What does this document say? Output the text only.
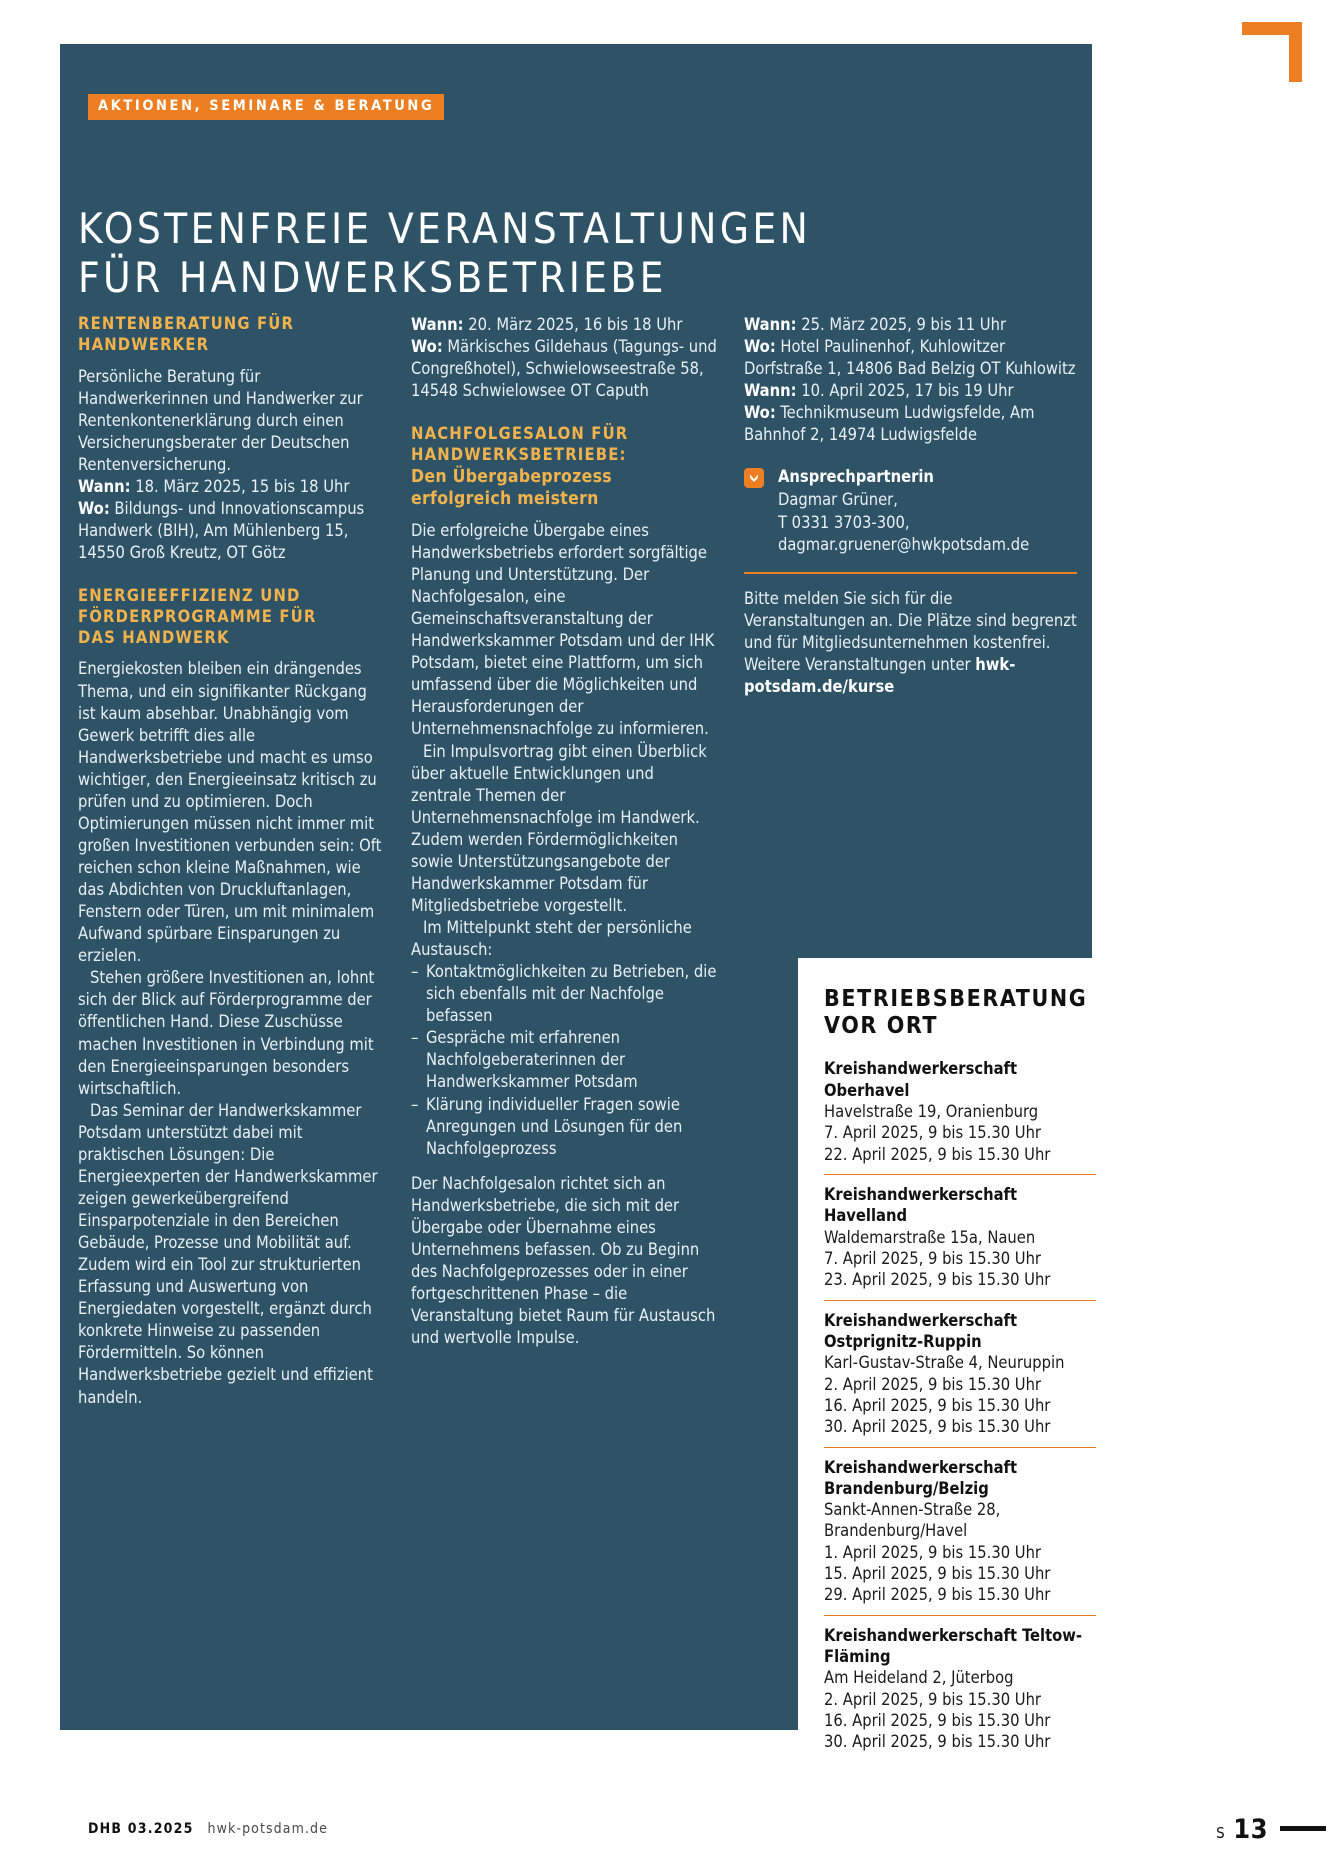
AKTIONEN, SEMINARE & BERATUNG
KOSTENFREIE VERANSTALTUNGEN
FÜR HANDWERKSBETRIEBE
RENTENBERATUNG FÜR
HANDWERKER

Persönliche Beratung für Handwerkerinnen und Handwerker zur Rentenkontenerklärung durch einen Versicherungsberater der Deutschen Rentenversicherung.

Wann: 18. März 2025, 15 bis 18 Uhr
Wo: Bildungs- und Innovationscampus Handwerk (BIH), Am Mühlenberg 15, 14550 Groß Kreutz, OT Götz
ENERGIEEFFIZIENZ UND
FÖRDERPROGRAMME FÜR
DAS HANDWERK

Energiekosten bleiben ein drängendes Thema, und ein signifikanter Rückgang ist kaum absehbar. Unabhängig vom Gewerk betrifft dies alle Handwerksbetriebe und macht es umso wichtiger, den Energieeinsatz kritisch zu prüfen und zu optimieren. Doch Optimierungen müssen nicht immer mit großen Investitionen verbunden sein: Oft reichen schon kleine Maßnahmen, wie das Abdichten von Druckluftanlagen, Fenstern oder Türen, um mit minimalem Aufwand spürbare Einsparungen zu erzielen.

Stehen größere Investitionen an, lohnt sich der Blick auf Förderprogramme der öffentlichen Hand. Diese Zuschüsse machen Investitionen in Verbindung mit den Energieeinsparungen besonders wirtschaftlich.

Das Seminar der Handwerkskammer Potsdam unterstützt dabei mit praktischen Lösungen: Die Energieexperten der Handwerkskammer zeigen gewerkeübergreifend Einsparpotenziale in den Bereichen Gebäude, Prozesse und Mobilität auf. Zudem wird ein Tool zur strukturierten Erfassung und Auswertung von Energiedaten vorgestellt, ergänzt durch konkrete Hinweise zu passenden Fördermitteln. So können Handwerksbetriebe gezielt und effizient handeln.

Wann: 20. März 2025, 16 bis 18 Uhr
Wo: Märkisches Gildehaus (Tagungs- und Congreßhotel), Schwielowseestraße 58, 14548 Schwielowsee OT Caputh
NACHFOLGESALON FÜR
HANDWERKSBETRIEBE:
Den Übergabeprozess
erfolgreich meistern

Die erfolgreiche Übergabe eines Handwerksbetriebs erfordert sorgfältige Planung und Unterstützung. Der Nachfolgesalon, eine Gemeinschaftsveranstaltung der Handwerkskammer Potsdam und der IHK Potsdam, bietet eine Plattform, um sich umfassend über die Möglichkeiten und Herausforderungen der Unternehmensnachfolge zu informieren.

Ein Impulsvortrag gibt einen Überblick über aktuelle Entwicklungen und zentrale Themen der Unternehmensnachfolge im Handwerk. Zudem werden Fördermöglichkeiten sowie Unterstützungsangebote der Handwerkskammer Potsdam für Mitgliedsbetriebe vorgestellt.

Im Mittelpunkt steht der persönliche Austausch:

– Kontaktmöglichkeiten zu Betrieben, die sich ebenfalls mit der Nachfolge befassen
– Gespräche mit erfahrenen Nachfolgeberaterinnen der Handwerkskammer Potsdam
– Klärung individueller Fragen sowie Anregungen und Lösungen für den Nachfolgeprozess

Der Nachfolgesalon richtet sich an Handwerksbetriebe, die sich mit der Übergabe oder Übernahme eines Unternehmens befassen. Ob zu Beginn des Nachfolgeprozesses oder in einer fortgeschrittenen Phase – die Veranstaltung bietet Raum für Austausch und wertvolle Impulse.

Wann: 25. März 2025, 9 bis 11 Uhr
Wo: Hotel Paulinenhof, Kuhlowitzer Dorfstraße 1, 14806 Bad Belzig OT Kuhlowitz
Wann: 10. April 2025, 17 bis 19 Uhr
Wo: Technikmuseum Ludwigsfelde, Am Bahnhof 2, 14974 Ludwigsfelde
Ansprechpartnerin
Dagmar Grüner,
T 0331 3703-300,
dagmar.gruener@hwkpotsdam.de

Bitte melden Sie sich für die Veranstaltungen an. Die Plätze sind begrenzt und für Mitgliedsunternehmen kostenfrei. Weitere Veranstaltungen unter hwk-potsdam.de/kurse

BETRIEBSBERATUNG
VOR ORT
Kreishandwerkerschaft Oberhavel
Havelstraße 19, Oranienburg
7. April 2025, 9 bis 15.30 Uhr
22. April 2025, 9 bis 15.30 Uhr
Kreishandwerkerschaft Havelland
Waldemarstraße 15a, Nauen
7. April 2025, 9 bis 15.30 Uhr
23. April 2025, 9 bis 15.30 Uhr
Kreishandwerkerschaft Ostprignitz-Ruppin
Karl-Gustav-Straße 4, Neuruppin
2. April 2025, 9 bis 15.30 Uhr
16. April 2025, 9 bis 15.30 Uhr
30. April 2025, 9 bis 15.30 Uhr
Kreishandwerkerschaft Brandenburg/Belzig
Sankt-Annen-Straße 28, Brandenburg/Havel
1. April 2025, 9 bis 15.30 Uhr
15. April 2025, 9 bis 15.30 Uhr
29. April 2025, 9 bis 15.30 Uhr
Kreishandwerkerschaft Teltow-Fläming
Am Heideland 2, Jüterbog
2. April 2025, 9 bis 15.30 Uhr
16. April 2025, 9 bis 15.30 Uhr
30. April 2025, 9 bis 15.30 Uhr
DHB 03.2025 hwk-potsdam.de	S 13
